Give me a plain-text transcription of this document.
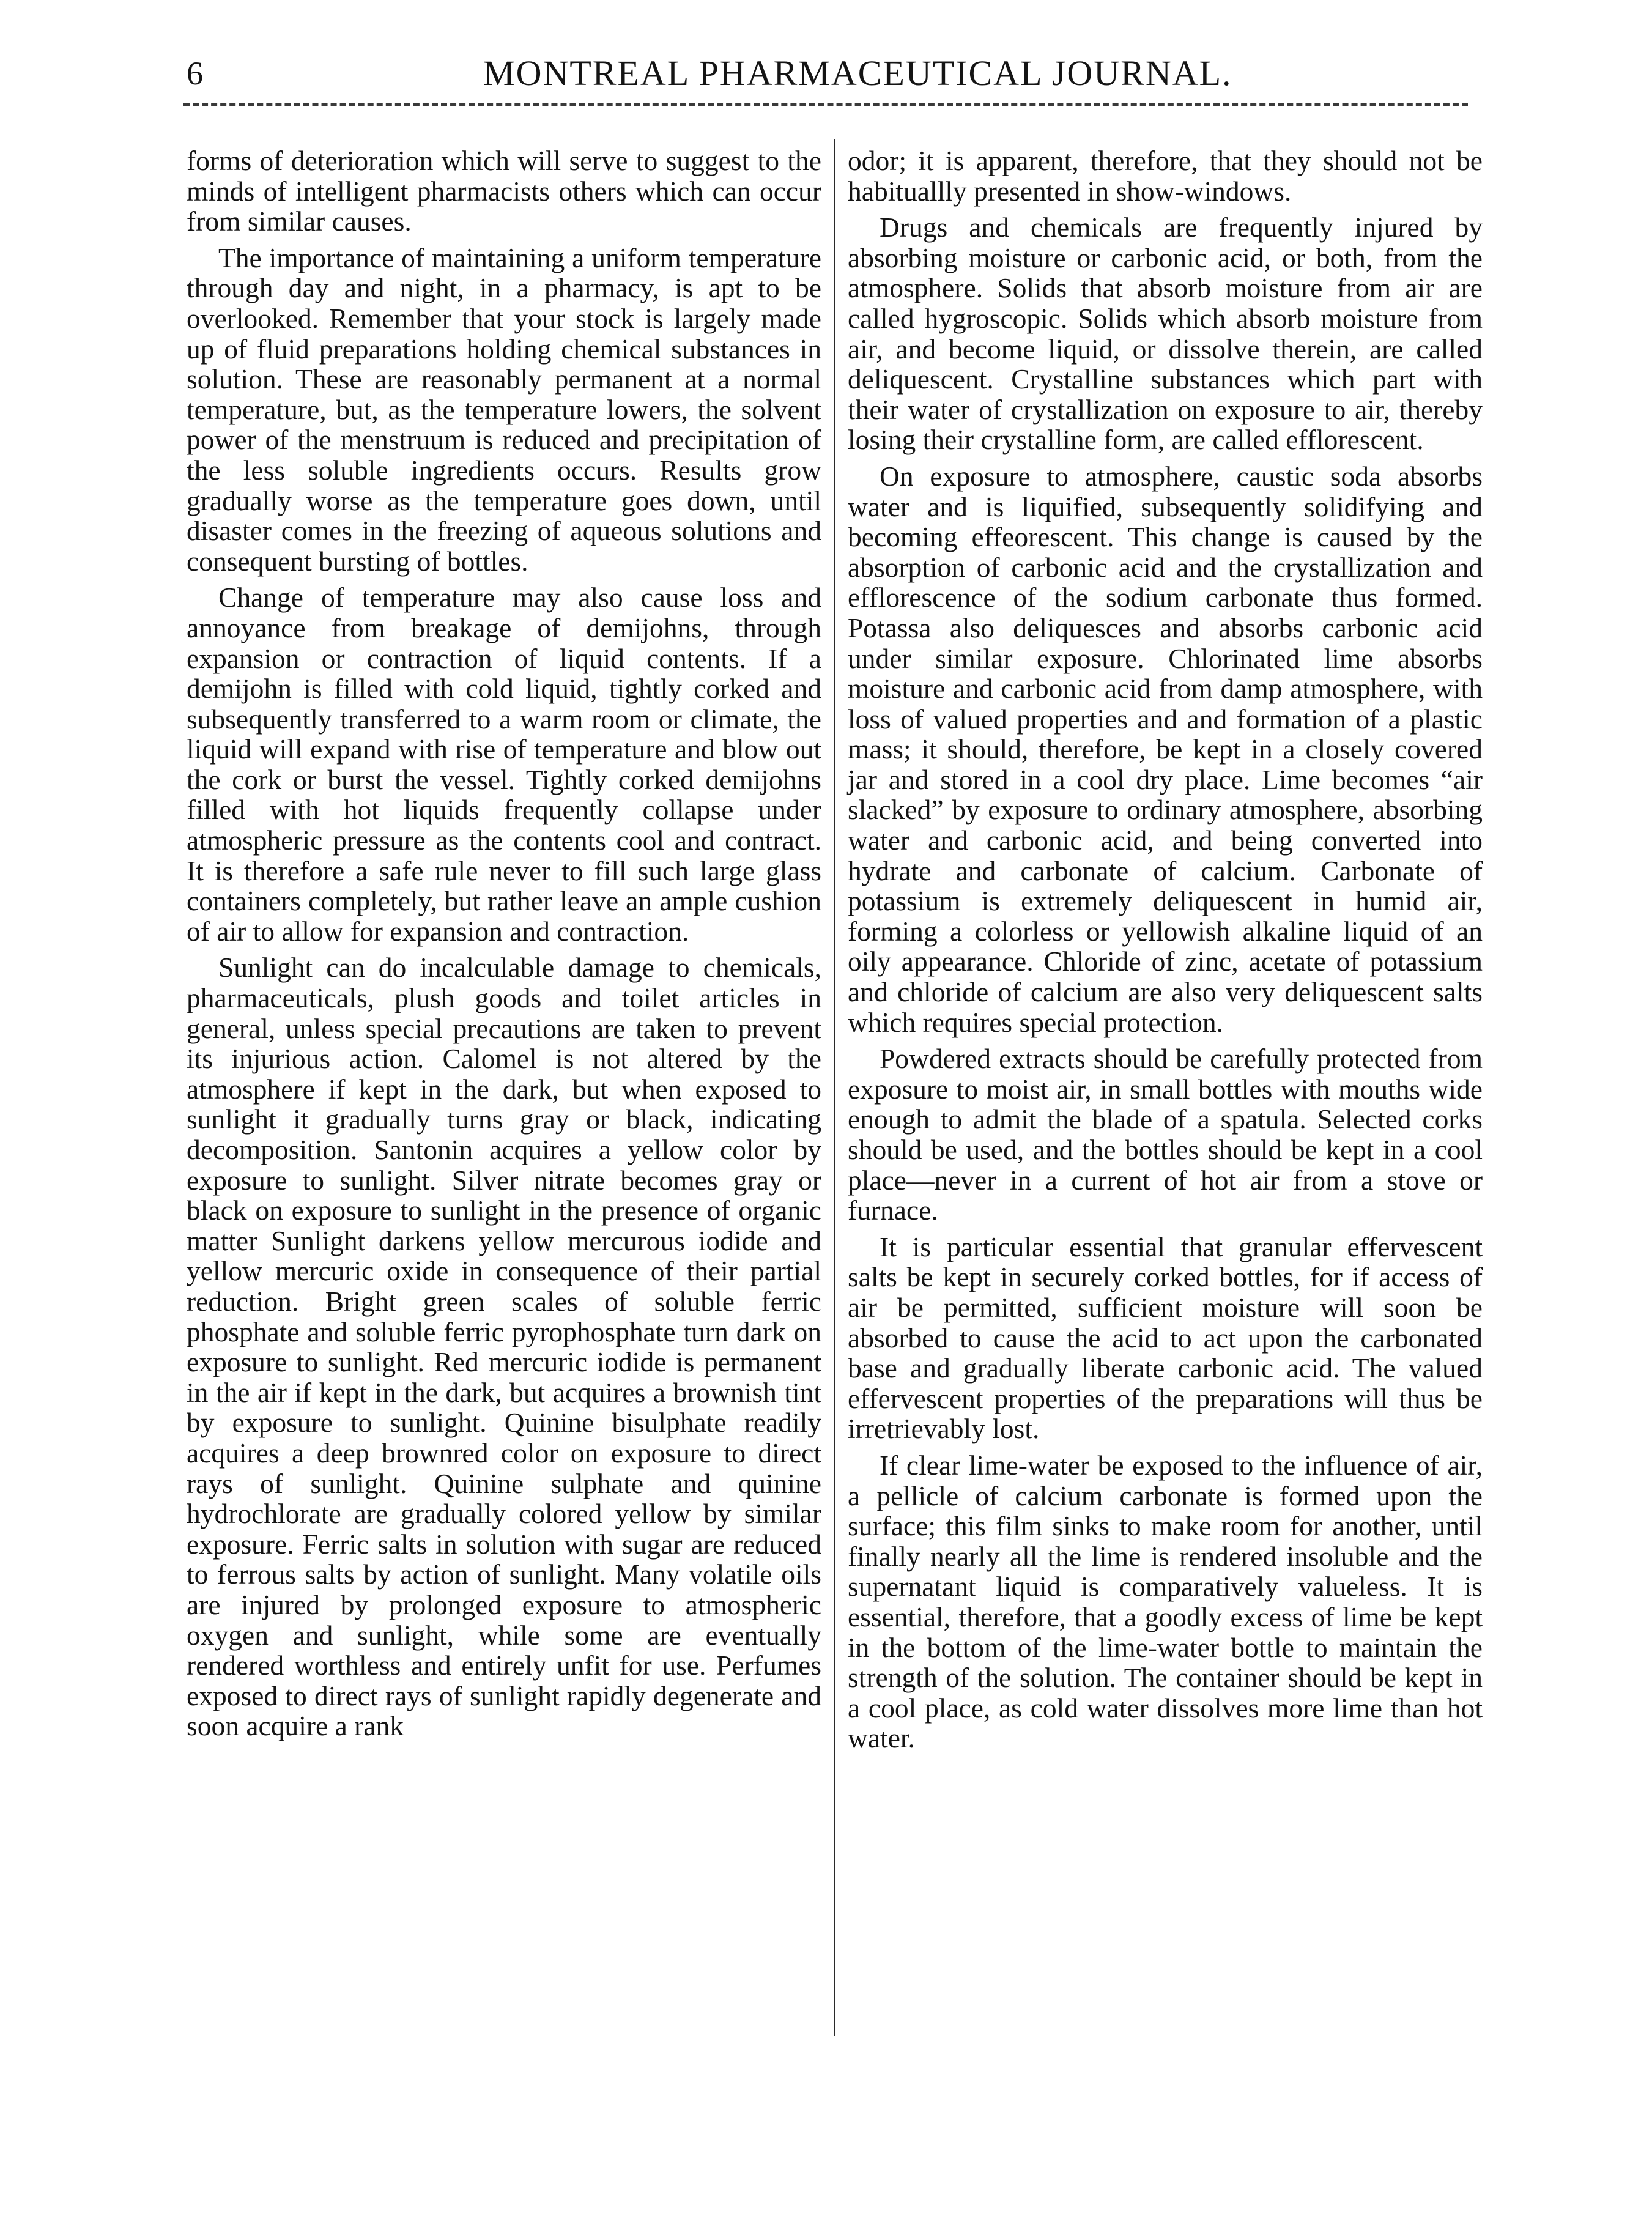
6	MONTREAL PHARMACEUTICAL JOURNAL.

forms of deterioration which will serve to suggest to the minds of intelligent pharmacists others which can occur from similar causes.

The importance of maintaining a uniform temperature through day and night, in a pharmacy, is apt to be overlooked. Remember that your stock is largely made up of fluid preparations holding chemical substances in solution. These are reasonably permanent at a normal temperature, but, as the temperature lowers, the solvent power of the menstruum is reduced and precipitation of the less soluble ingredients occurs. Results grow gradually worse as the temperature goes down, until disaster comes in the freezing of aqueous solutions and consequent bursting of bottles.

Change of temperature may also cause loss and annoyance from breakage of demijohns, through expansion or contraction of liquid contents. If a demijohn is filled with cold liquid, tightly corked and subsequently transferred to a warm room or climate, the liquid will expand with rise of temperature and blow out the cork or burst the vessel. Tightly corked demijohns filled with hot liquids frequently collapse under atmospheric pressure as the contents cool and contract. It is therefore a safe rule never to fill such large glass containers completely, but rather leave an ample cushion of air to allow for expansion and contraction.

Sunlight can do incalculable damage to chemicals, pharmaceuticals, plush goods and toilet articles in general, unless special precautions are taken to prevent its injurious action. Calomel is not altered by the atmosphere if kept in the dark, but when exposed to sunlight it gradually turns gray or black, indicating decomposition. Santonin acquires a yellow color by exposure to sunlight. Silver nitrate becomes gray or black on exposure to sunlight in the presence of organic matter Sunlight darkens yellow mercurous iodide and yellow mercuric oxide in consequence of their partial reduction. Bright green scales of soluble ferric phosphate and soluble ferric pyrophosphate turn dark on exposure to sunlight. Red mercuric iodide is permanent in the air if kept in the dark, but acquires a brownish tint by exposure to sunlight. Quinine bisulphate readily acquires a deep brownred color on exposure to direct rays of sunlight. Quinine sulphate and quinine hydrochlorate are gradually colored yellow by similar exposure. Ferric salts in solution with sugar are reduced to ferrous salts by action of sunlight. Many volatile oils are injured by prolonged exposure to atmospheric oxygen and sunlight, while some are eventually rendered worthless and entirely unfit for use. Perfumes exposed to direct rays of sunlight rapidly degenerate and soon acquire a rank

odor; it is apparent, therefore, that they should not be habituallly presented in show-windows.

Drugs and chemicals are frequently injured by absorbing moisture or carbonic acid, or both, from the atmosphere. Solids that absorb moisture from air are called hygroscopic. Solids which absorb moisture from air, and become liquid, or dissolve therein, are called deliquescent. Crystalline substances which part with their water of crystallization on exposure to air, thereby losing their crystalline form, are called efflorescent.

On exposure to atmosphere, caustic soda absorbs water and is liquified, subsequently solidifying and becoming effeorescent. This change is caused by the absorption of carbonic acid and the crystallization and efflorescence of the sodium carbonate thus formed. Potassa also deliquesces and absorbs carbonic acid under similar exposure. Chlorinated lime absorbs moisture and carbonic acid from damp atmosphere, with loss of valued properties and and formation of a plastic mass; it should, therefore, be kept in a closely covered jar and stored in a cool dry place. Lime becomes “air slacked” by exposure to ordinary atmosphere, absorbing water and carbonic acid, and being converted into hydrate and carbonate of calcium. Carbonate of potassium is extremely deliquescent in humid air, forming a colorless or yellowish alkaline liquid of an oily appearance. Chloride of zinc, acetate of potassium and chloride of calcium are also very deliquescent salts which requires special protection.

Powdered extracts should be carefully protected from exposure to moist air, in small bottles with mouths wide enough to admit the blade of a spatula. Selected corks should be used, and the bottles should be kept in a cool place—never in a current of hot air from a stove or furnace.

It is particular essential that granular effervescent salts be kept in securely corked bottles, for if access of air be permitted, sufficient moisture will soon be absorbed to cause the acid to act upon the carbonated base and gradually liberate carbonic acid. The valued effervescent properties of the preparations will thus be irretrievably lost.

If clear lime-water be exposed to the influence of air, a pellicle of calcium carbonate is formed upon the surface; this film sinks to make room for another, until finally nearly all the lime is rendered insoluble and the supernatant liquid is comparatively valueless. It is essential, therefore, that a goodly excess of lime be kept in the bottom of the lime-water bottle to maintain the strength of the solution. The container should be kept in a cool place, as cold water dissolves more lime than hot water.
